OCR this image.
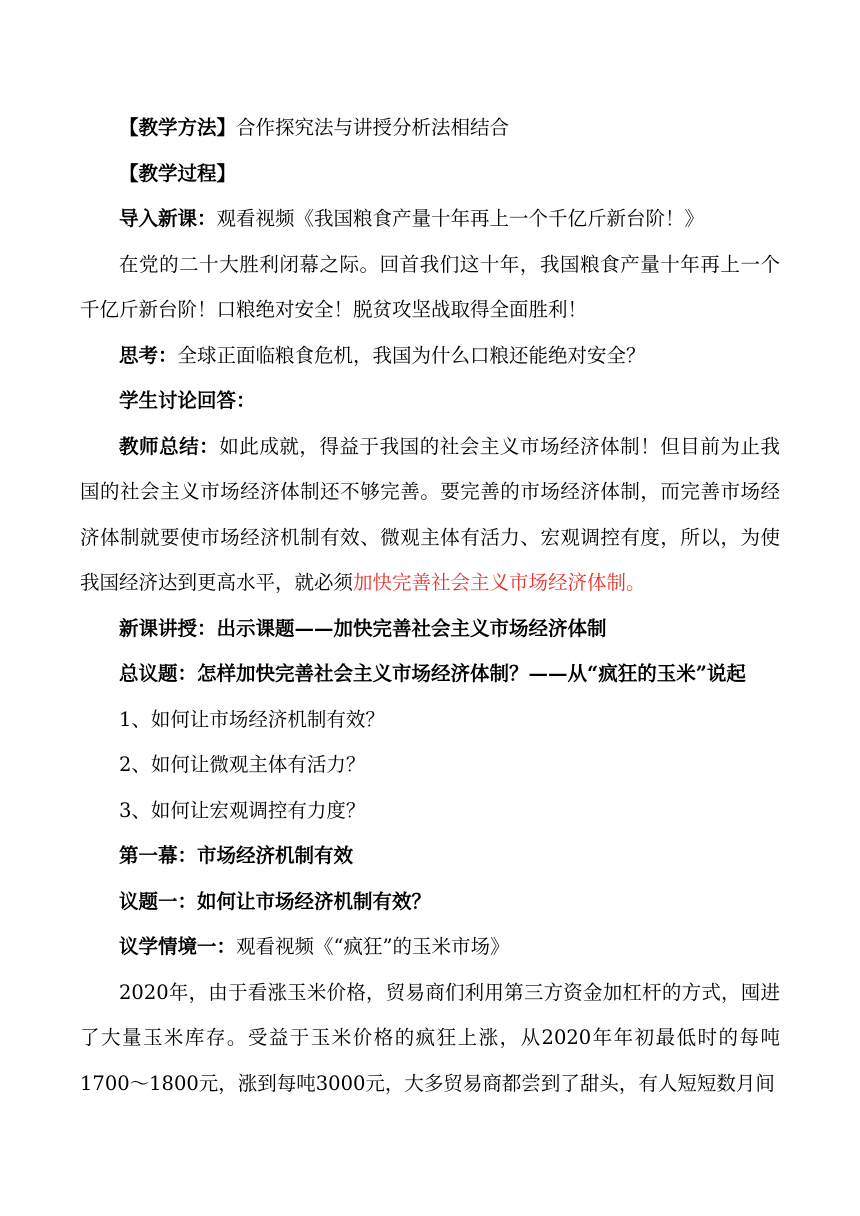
【教学方法】合作探究法与讲授分析法相结合

【教学过程】

导入新课：观看视频《我国粮食产量十年再上一个千亿斤新台阶！》

在党的二十大胜利闭幕之际。回首我们这十年，我国粮食产量十年再上一个千亿斤新台阶！口粮绝对安全！脱贫攻坚战取得全面胜利！

思考：全球正面临粮食危机，我国为什么口粮还能绝对安全？

学生讨论回答：

教师总结：如此成就，得益于我国的社会主义市场经济体制！但目前为止我国的社会主义市场经济体制还不够完善。要完善的市场经济体制，而完善市场经济体制就要使市场经济机制有效、微观主体有活力、宏观调控有度，所以，为使我国经济达到更高水平，就必须加快完善社会主义市场经济体制。

新课讲授：出示课题——加快完善社会主义市场经济体制

总议题：怎样加快完善社会主义市场经济体制？——从“疯狂的玉米”说起

1、如何让市场经济机制有效？

2、如何让微观主体有活力？

3、如何让宏观调控有力度？

第一幕：市场经济机制有效

议题一：如何让市场经济机制有效？

议学情境一：观看视频《“疯狂”的玉米市场》

2020年，由于看涨玉米价格，贸易商们利用第三方资金加杠杆的方式，囤进了大量玉米库存。受益于玉米价格的疯狂上涨，从2020年年初最低时的每吨1700～1800元，涨到每吨3000元，大多贸易商都尝到了甜头，有人短短数月间
